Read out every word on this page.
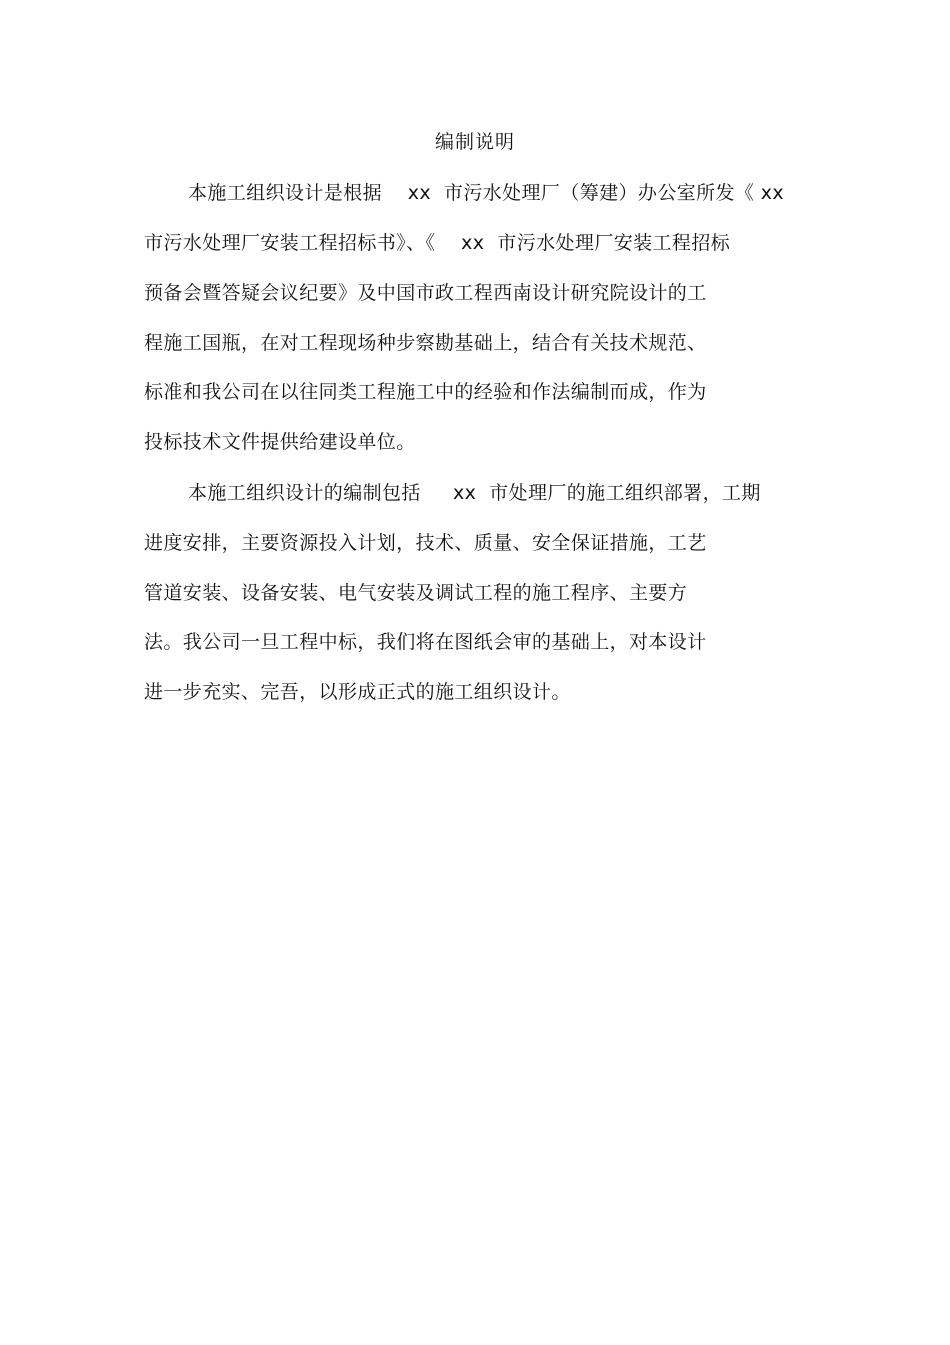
编制说明
本施工组织设计是根据    xx  市污水处理厂（筹建）办公室所发《 xx
市污水处理厂安装工程招标书》、《    xx  市污水处理厂安装工程招标
预备会暨答疑会议纪要》及中国市政工程西南设计研究院设计的工
程施工国瓶，在对工程现场种步察勘基础上，结合有关技术规范、
标准和我公司在以往同类工程施工中的经验和作法编制而成，作为
投标技术文件提供给建设单位。
本施工组织设计的编制包括     xx  市处理厂的施工组织部署，工期
进度安排，主要资源投入计划，技术、质量、安全保证措施，工艺
管道安装、设备安装、电气安装及调试工程的施工程序、主要方
法。我公司一旦工程中标，我们将在图纸会审的基础上，对本设计
进一步充实、完吾，以形成正式的施工组织设计。
